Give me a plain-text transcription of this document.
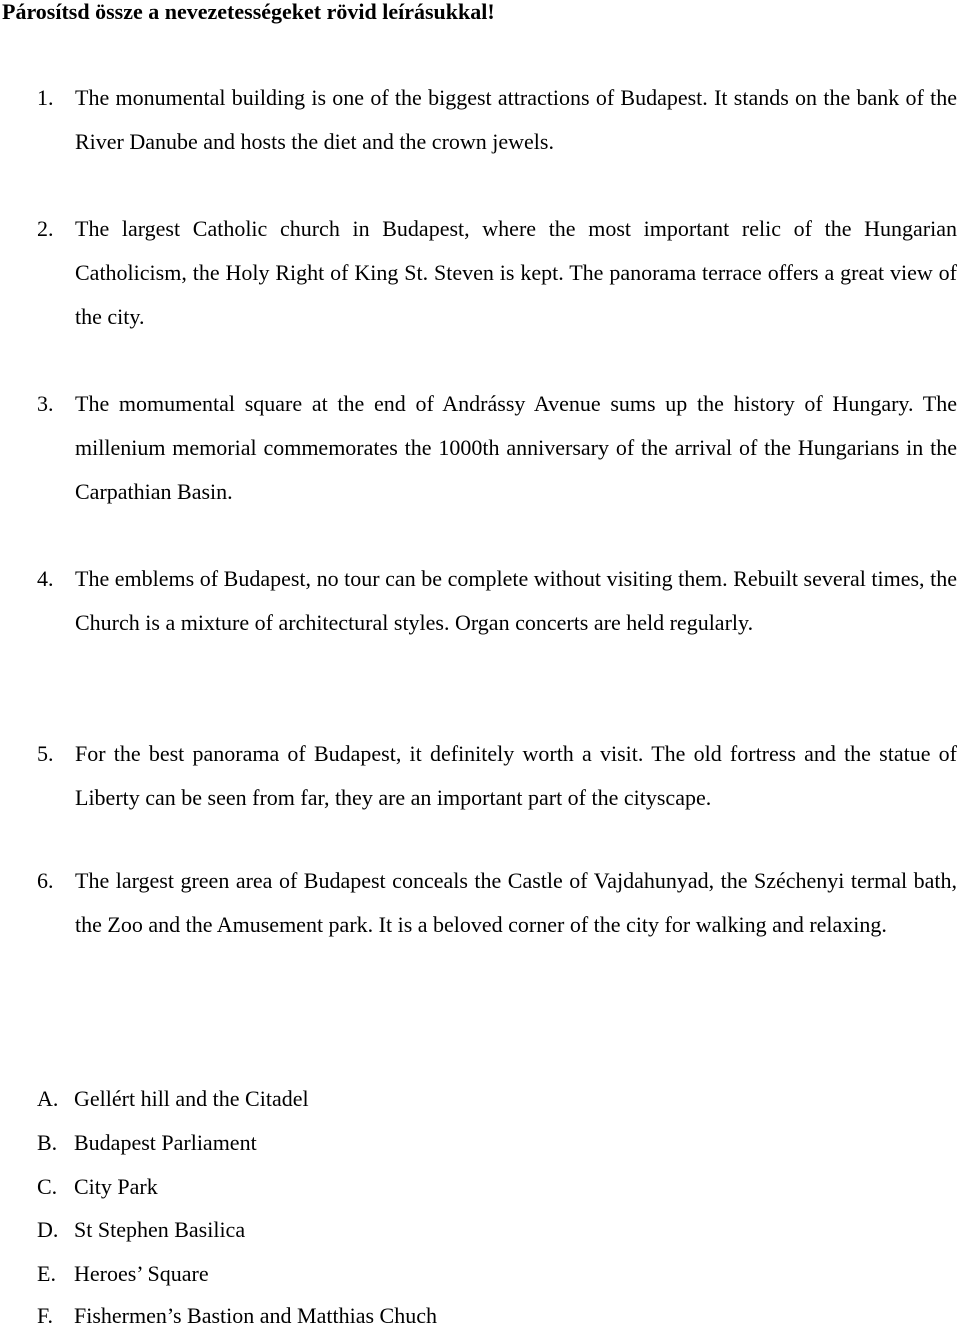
Párosítsd össze a nevezetességeket rövid leírásukkal!
1. The monumental building is one of the biggest attractions of Budapest. It stands on the bank of the River Danube and hosts the diet and the crown jewels.
2. The largest Catholic church in Budapest, where the most important relic of the Hungarian Catholicism, the Holy Right of King St. Steven is kept. The panorama terrace offers a great view of the city.
3. The momumental square at the end of Andrássy Avenue sums up the history of Hungary. The millenium memorial commemorates the 1000th anniversary of the arrival of the Hungarians in the Carpathian Basin.
4. The emblems of Budapest, no tour can be complete without visiting them. Rebuilt several times, the Church is a mixture of architectural styles. Organ concerts are held regularly.
5. For the best panorama of Budapest, it definitely worth a visit. The old fortress and the statue of Liberty can be seen from far, they are an important part of the cityscape.
6. The largest green area of Budapest conceals the Castle of Vajdahunyad, the Széchenyi termal bath, the Zoo and the Amusement park. It is a beloved corner of the city for walking and relaxing.
A. Gellért hill and the Citadel
B. Budapest Parliament
C. City Park
D. St Stephen Basilica
E. Heroes’ Square
F. Fishermen’s Bastion and Matthias Chuch
